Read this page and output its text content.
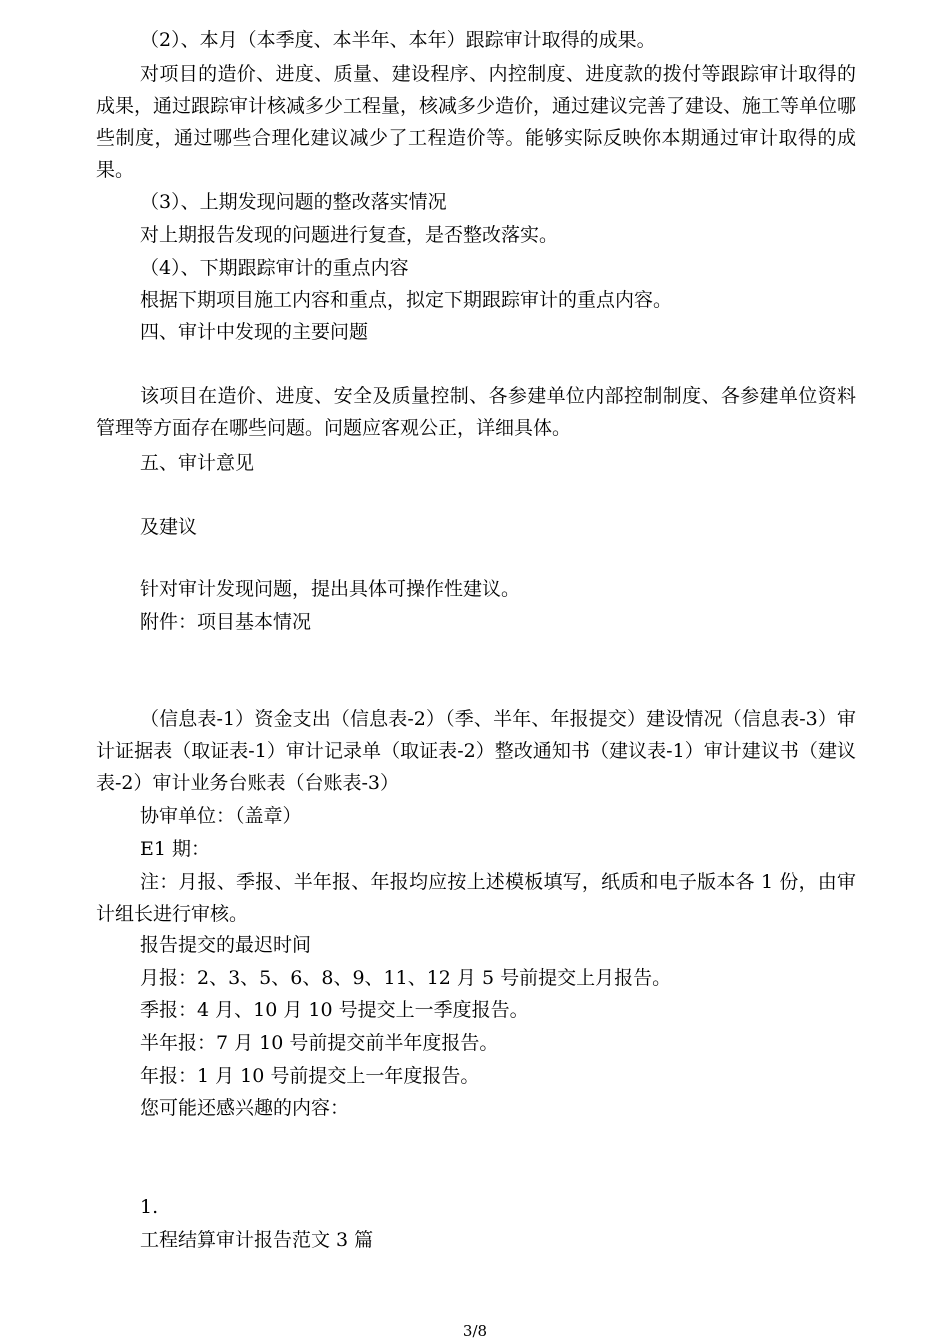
（2）、本月（本季度、本半年、本年）跟踪审计取得的成果。
对项目的造价、进度、质量、建设程序、内控制度、进度款的拨付等跟踪审计取得的成果，通过跟踪审计核减多少工程量，核减多少造价，通过建议完善了建设、施工等单位哪些制度，通过哪些合理化建议减少了工程造价等。能够实际反映你本期通过审计取得的成果。
（3）、上期发现问题的整改落实情况
对上期报告发现的问题进行复查，是否整改落实。
（4）、下期跟踪审计的重点内容
根据下期项目施工内容和重点，拟定下期跟踪审计的重点内容。
四、审计中发现的主要问题
该项目在造价、进度、安全及质量控制、各参建单位内部控制制度、各参建单位资料管理等方面存在哪些问题。问题应客观公正，详细具体。
五、审计意见
及建议
针对审计发现问题，提出具体可操作性建议。
附件：项目基本情况
（信息表-1）资金支出（信息表-2）（季、半年、年报提交）建设情况（信息表-3）审计证据表（取证表-1）审计记录单（取证表-2）整改通知书（建议表-1）审计建议书（建议表-2）审计业务台账表（台账表-3）
协审单位：（盖章）
E1 期：
注：月报、季报、半年报、年报均应按上述模板填写，纸质和电子版本各 1 份，由审计组长进行审核。
报告提交的最迟时间
月报：2、3、5、6、8、9、11、12 月 5 号前提交上月报告。
季报：4 月、10 月 10 号提交上一季度报告。
半年报：7 月 10 号前提交前半年度报告。
年报：1 月 10 号前提交上一年度报告。
您可能还感兴趣的内容：
1.
工程结算审计报告范文 3 篇
3/8
